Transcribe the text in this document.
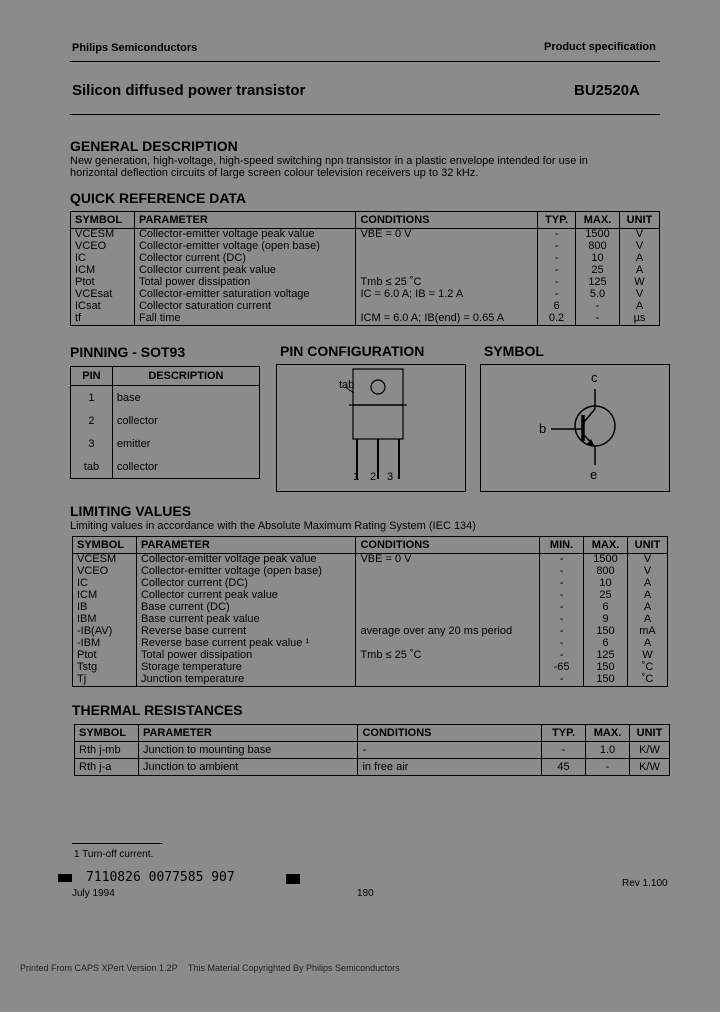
Philips Semiconductors	Product specification
Silicon diffused power transistor	BU2520A
GENERAL DESCRIPTION
New generation, high-voltage, high-speed switching npn transistor in a plastic envelope intended for use in
horizontal deflection circuits of large screen colour television receivers up to 32 kHz.
QUICK REFERENCE DATA
SYMBOL	PARAMETER	CONDITIONS	TYP.	MAX.	UNIT
VCESM	Collector-emitter voltage peak value	VBE = 0 V	-	1500	V
VCEO	Collector-emitter voltage (open base)		-	800	V
IC	Collector current (DC)		-	10	A
ICM	Collector current peak value		-	25	A
Ptot	Total power dissipation	Tmb ≤ 25 ˚C	-	125	W
VCEsat	Collector-emitter saturation voltage	IC = 6.0 A; IB = 1.2 A	-	5.0	V
ICsat	Collector saturation current		6	-	A
tf	Fall time	ICM = 6.0 A; IB(end) = 0.65 A	0.2	-	µs
PINNING - SOT93
PIN	DESCRIPTION
1	base
2	collector
3	emitter
tab	collector
PIN CONFIGURATION
tab
1 2 3
SYMBOL
c
b
e
LIMITING VALUES
Limiting values in accordance with the Absolute Maximum Rating System (IEC 134)
SYMBOL	PARAMETER	CONDITIONS	MIN.	MAX.	UNIT
VCESM	Collector-emitter voltage peak value	VBE = 0 V	-	1500	V
VCEO	Collector-emitter voltage (open base)		-	800	V
IC	Collector current (DC)		-	10	A
ICM	Collector current peak value		-	25	A
IB	Base current (DC)		-	6	A
IBM	Base current peak value		-	9	A
-IB(AV)	Reverse base current	average over any 20 ms period	-	150	mA
-IBM	Reverse base current peak value ¹		-	6	A
Ptot	Total power dissipation	Tmb ≤ 25 ˚C	-	125	W
Tstg	Storage temperature		-65	150	˚C
Tj	Junction temperature		-	150	˚C
THERMAL RESISTANCES
SYMBOL	PARAMETER	CONDITIONS	TYP.	MAX.	UNIT
Rth j-mb	Junction to mounting base	-	-	1.0	K/W
Rth j-a	Junction to ambient	in free air	45	-	K/W
1 Turn-off current.
7110826 0077585 907
July 1994	180
Rev 1.100
Printed From CAPS XPert Version 1.2P This Material Copyrighted By Philips Semiconductors
